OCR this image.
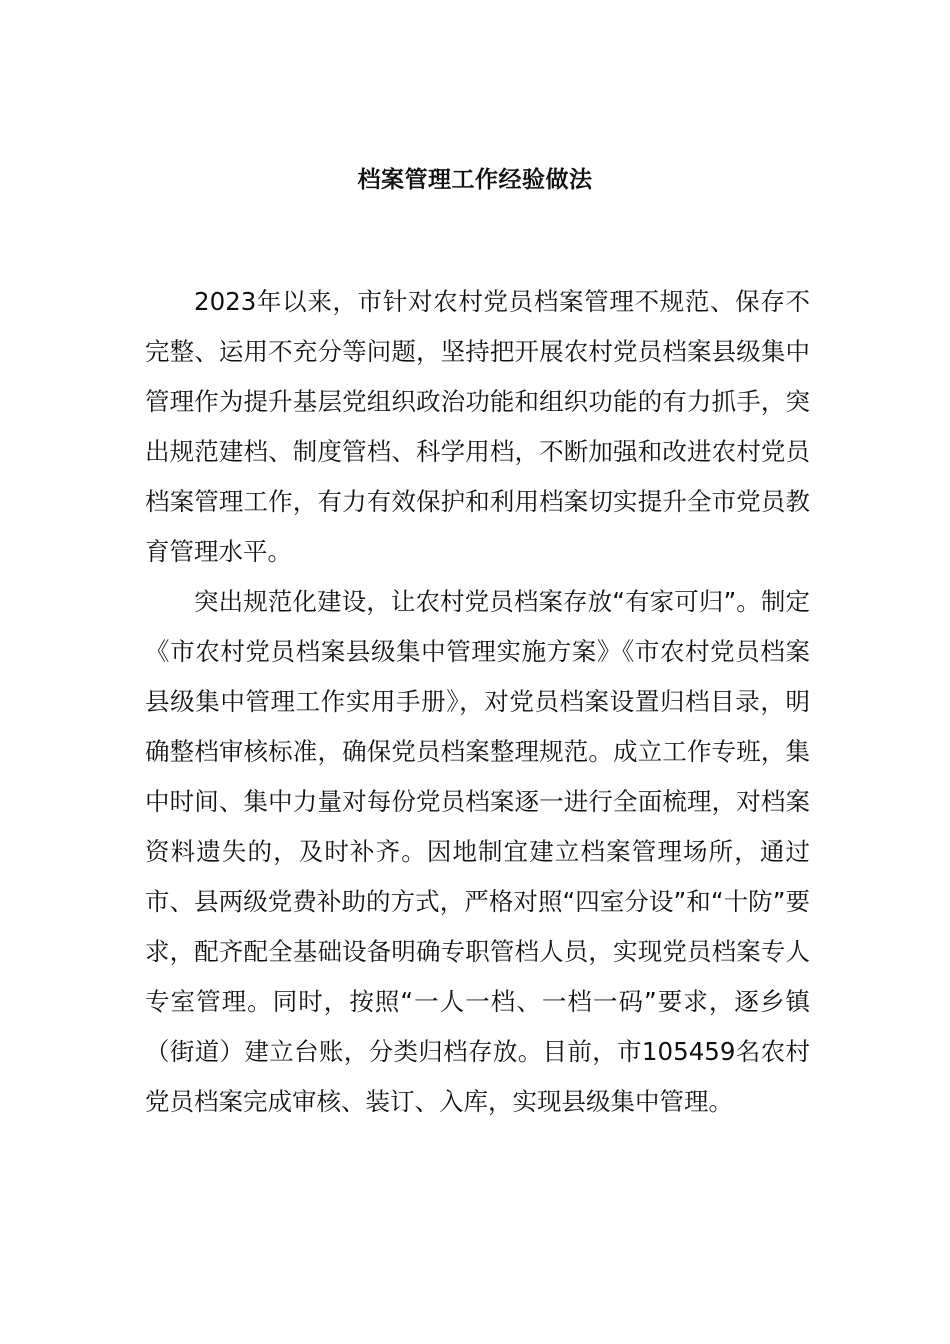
档案管理工作经验做法

2023年以来，市针对农村党员档案管理不规范、保存不完整、运用不充分等问题，坚持把开展农村党员档案县级集中管理作为提升基层党组织政治功能和组织功能的有力抓手，突出规范建档、制度管档、科学用档，不断加强和改进农村党员档案管理工作，有力有效保护和利用档案切实提升全市党员教育管理水平。

突出规范化建设，让农村党员档案存放“有家可归”。制定《市农村党员档案县级集中管理实施方案》《市农村党员档案县级集中管理工作实用手册》，对党员档案设置归档目录，明确整档审核标准，确保党员档案整理规范。成立工作专班，集中时间、集中力量对每份党员档案逐一进行全面梳理，对档案资料遗失的，及时补齐。因地制宜建立档案管理场所，通过市、县两级党费补助的方式，严格对照“四室分设”和“十防”要求，配齐配全基础设备明确专职管档人员，实现党员档案专人专室管理。同时，按照“一人一档、一档一码”要求，逐乡镇（街道）建立台账，分类归档存放。目前，市105459名农村党员档案完成审核、装订、入库，实现县级集中管理。
